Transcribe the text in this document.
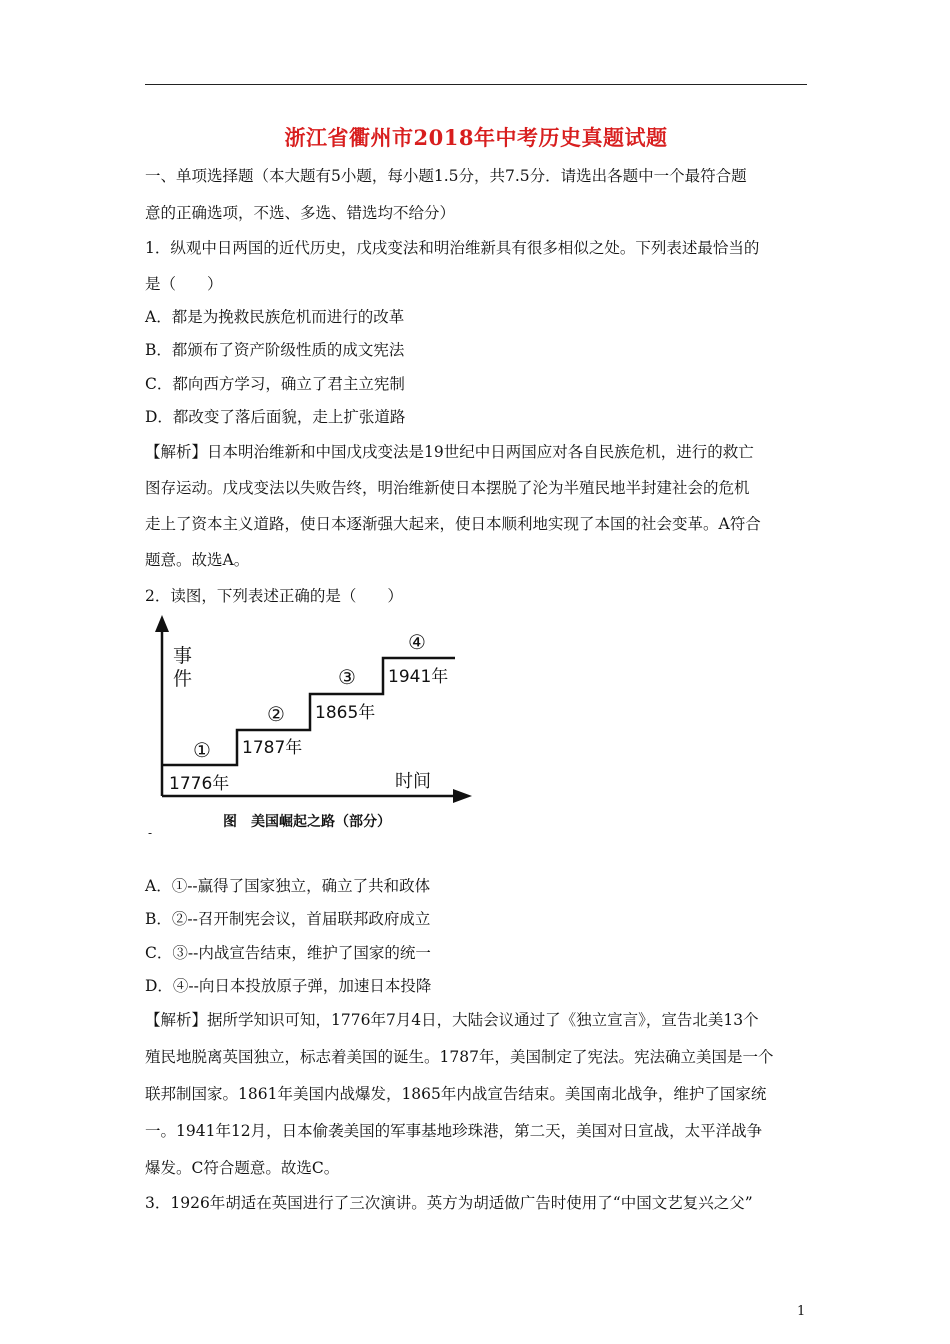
浙江省衢州市2018年中考历史真题试题
一、单项选择题（本大题有5小题，每小题1.5分，共7.5分．请选出各题中一个最符合题
意的正确选项，不选、多选、错选均不给分）
1．纵观中日两国的近代历史，戊戌变法和明治维新具有很多相似之处。下列表述最恰当的
是（　　）
A．都是为挽救民族危机而进行的改革
B．都颁布了资产阶级性质的成文宪法
C．都向西方学习，确立了君主立宪制
D．都改变了落后面貌，走上扩张道路
【解析】日本明治维新和中国戊戌变法是19世纪中日两国应对各自民族危机，进行的救亡
图存运动。戊戌变法以失败告终，明治维新使日本摆脱了沦为半殖民地半封建社会的危机
走上了资本主义道路，使日本逐渐强大起来，使日本顺利地实现了本国的社会变革。A符合
题意。故选A。
2．读图，下列表述正确的是（　　）
事
件
时间
①
②
③
④
1776年
1787年
1865年
1941年
图　美国崛起之路（部分）
-
A．①--赢得了国家独立，确立了共和政体
B．②--召开制宪会议，首届联邦政府成立
C．③--内战宣告结束，维护了国家的统一
D．④--向日本投放原子弹，加速日本投降
【解析】据所学知识可知，1776年7月4日，大陆会议通过了《独立宣言》，宣告北美13个
殖民地脱离英国独立，标志着美国的诞生。1787年，美国制定了宪法。宪法确立美国是一个
联邦制国家。1861年美国内战爆发，1865年内战宣告结束。美国南北战争，维护了国家统
一。1941年12月，日本偷袭美国的军事基地珍珠港，第二天，美国对日宣战，太平洋战争
爆发。C符合题意。故选C。
3．1926年胡适在英国进行了三次演讲。英方为胡适做广告时使用了“中国文艺复兴之父”
1
